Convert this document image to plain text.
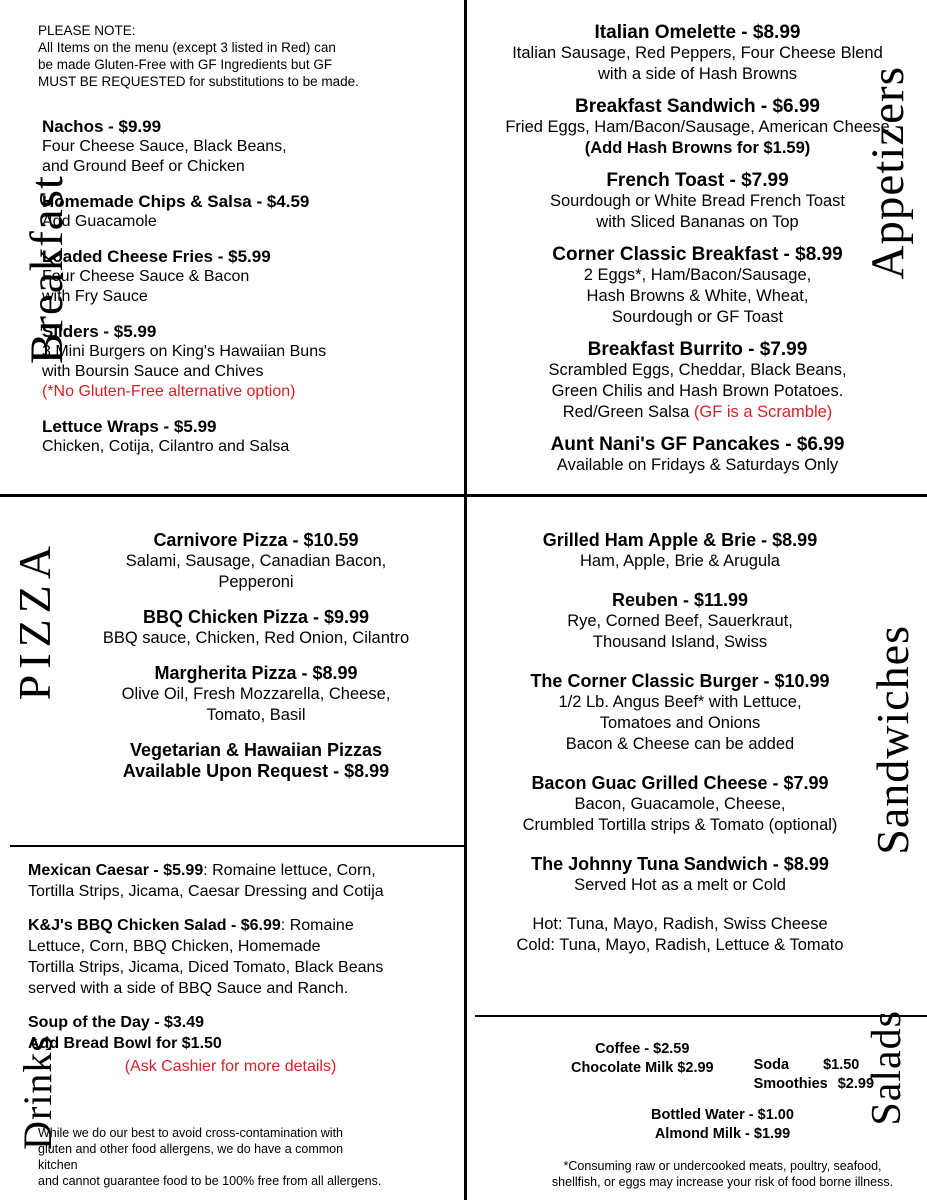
PLEASE NOTE:
All Items on the menu (except 3 listed in Red) can
be made Gluten-Free with GF Ingredients but GF
MUST BE REQUESTED for substitutions to be made.	Appetizers
Nachos - $9.99
Four Cheese Sauce, Black Beans,
and Ground Beef or Chicken
Homemade Chips & Salsa - $4.59
Add Guacamole
Loaded Cheese Fries - $5.99
Four Cheese Sauce & Bacon
with Fry Sauce
Sliders - $5.99
3 Mini Burgers on King's Hawaiian Buns
with Boursin Sauce and Chives
(*No Gluten-Free alternative option)
Lettuce Wraps - $5.99
Chicken, Cotija, Cilantro and Salsa
Breakfast
Italian Omelette - $8.99
Italian Sausage, Red Peppers, Four Cheese Blend
with a side of Hash Browns
Breakfast Sandwich - $6.99
Fried Eggs, Ham/Bacon/Sausage, American Cheese
(Add Hash Browns for $1.59)
French Toast - $7.99
Sourdough or White Bread French Toast
with Sliced Bananas on Top
Corner Classic Breakfast - $8.99
2 Eggs*, Ham/Bacon/Sausage,
Hash Browns & White, Wheat,
Sourdough or GF Toast
Breakfast Burrito - $7.99
Scrambled Eggs, Cheddar, Black Beans,
Green Chilis and Hash Brown Potatoes.
Red/Green Salsa (GF is a Scramble)
Aunt Nani's GF Pancakes - $6.99
Available on Fridays & Saturdays Only
PIZZA	Carnivore Pizza - $10.59
Salami, Sausage, Canadian Bacon,
Pepperoni
BBQ Chicken Pizza - $9.99
BBQ sauce, Chicken, Red Onion, Cilantro
Margherita Pizza - $8.99
Olive Oil, Fresh Mozzarella, Cheese,
Tomato, Basil
Vegetarian & Hawaiian Pizzas
Available Upon Request - $8.99
Salads
Mexican Caesar - $5.99: Romaine lettuce, Corn,
Tortilla Strips, Jicama, Caesar Dressing and Cotija
K&J's BBQ Chicken Salad - $6.99: Romaine
Lettuce, Corn, BBQ Chicken, Homemade
Tortilla Strips, Jicama, Diced Tomato, Black Beans
served with a side of BBQ Sauce and Ranch.
Soup of the Day - $3.49
Add Bread Bowl for $1.50
(Ask Cashier for more details)
While we do our best to avoid cross-contamination with
gluten and other food allergens, we do have a common kitchen
and cannot guarantee food to be 100% free from all allergens.
Sandwiches
Grilled Ham Apple & Brie - $8.99
Ham, Apple, Brie & Arugula
Reuben - $11.99
Rye, Corned Beef, Sauerkraut,
Thousand Island, Swiss
The Corner Classic Burger - $10.99
1/2 Lb. Angus Beef* with Lettuce,
Tomatoes and Onions
Bacon & Cheese can be added
Bacon Guac Grilled Cheese - $7.99
Bacon, Guacamole, Cheese,
Crumbled Tortilla strips & Tomato (optional)
The Johnny Tuna Sandwich - $8.99
Served Hot as a melt or Cold
Hot: Tuna, Mayo, Radish, Swiss Cheese
Cold: Tuna, Mayo, Radish, Lettuce & Tomato
Drinks	Coffee - $2.59
Chocolate Milk $2.99	Soda $1.50
Smoothies $2.99
Bottled Water - $1.00
Almond Milk - $1.99
*Consuming raw or undercooked meats, poultry, seafood,
shellfish, or eggs may increase your risk of food borne illness.
